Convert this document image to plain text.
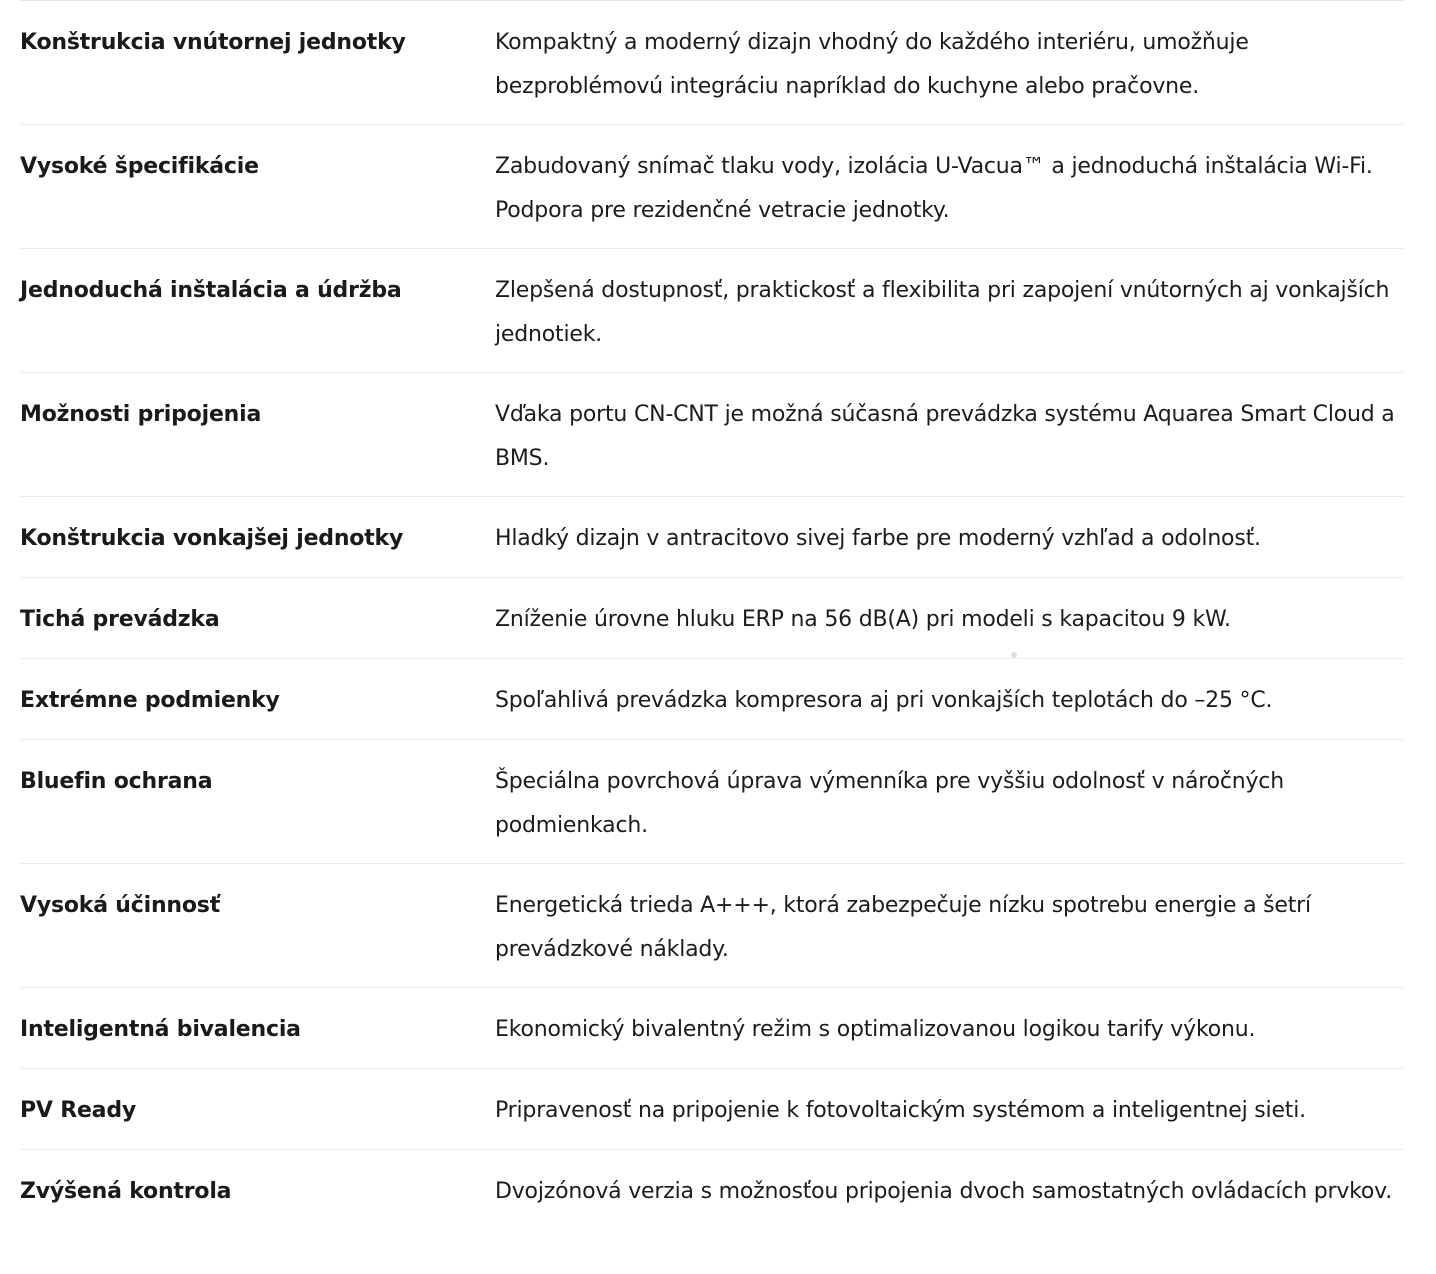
Konštrukcia vnútornej jednotky	Kompaktný a moderný dizajn vhodný do každého interiéru, umožňuje bezproblémovú integráciu napríklad do kuchyne alebo pračovne.
Vysoké špecifikácie	Zabudovaný snímač tlaku vody, izolácia U-Vacua™ a jednoduchá inštalácia Wi-Fi. Podpora pre rezidenčné vetracie jednotky.
Jednoduchá inštalácia a údržba	Zlepšená dostupnosť, praktickosť a flexibilita pri zapojení vnútorných aj vonkajších jednotiek.
Možnosti pripojenia	Vďaka portu CN-CNT je možná súčasná prevádzka systému Aquarea Smart Cloud a BMS.
Konštrukcia vonkajšej jednotky	Hladký dizajn v antracitovo sivej farbe pre moderný vzhľad a odolnosť.
Tichá prevádzka	Zníženie úrovne hluku ERP na 56 dB(A) pri modeli s kapacitou 9 kW.
Extrémne podmienky	Spoľahlivá prevádzka kompresora aj pri vonkajších teplotách do –25 °C.
Bluefin ochrana	Špeciálna povrchová úprava výmenníka pre vyššiu odolnosť v náročných podmienkach.
Vysoká účinnosť	Energetická trieda A+++, ktorá zabezpečuje nízku spotrebu energie a šetrí prevádzkové náklady.
Inteligentná bivalencia	Ekonomický bivalentný režim s optimalizovanou logikou tarify výkonu.
PV Ready	Pripravenosť na pripojenie k fotovoltaickým systémom a inteligentnej sieti.
Zvýšená kontrola	Dvojzónová verzia s možnosťou pripojenia dvoch samostatných ovládacích prvkov.
